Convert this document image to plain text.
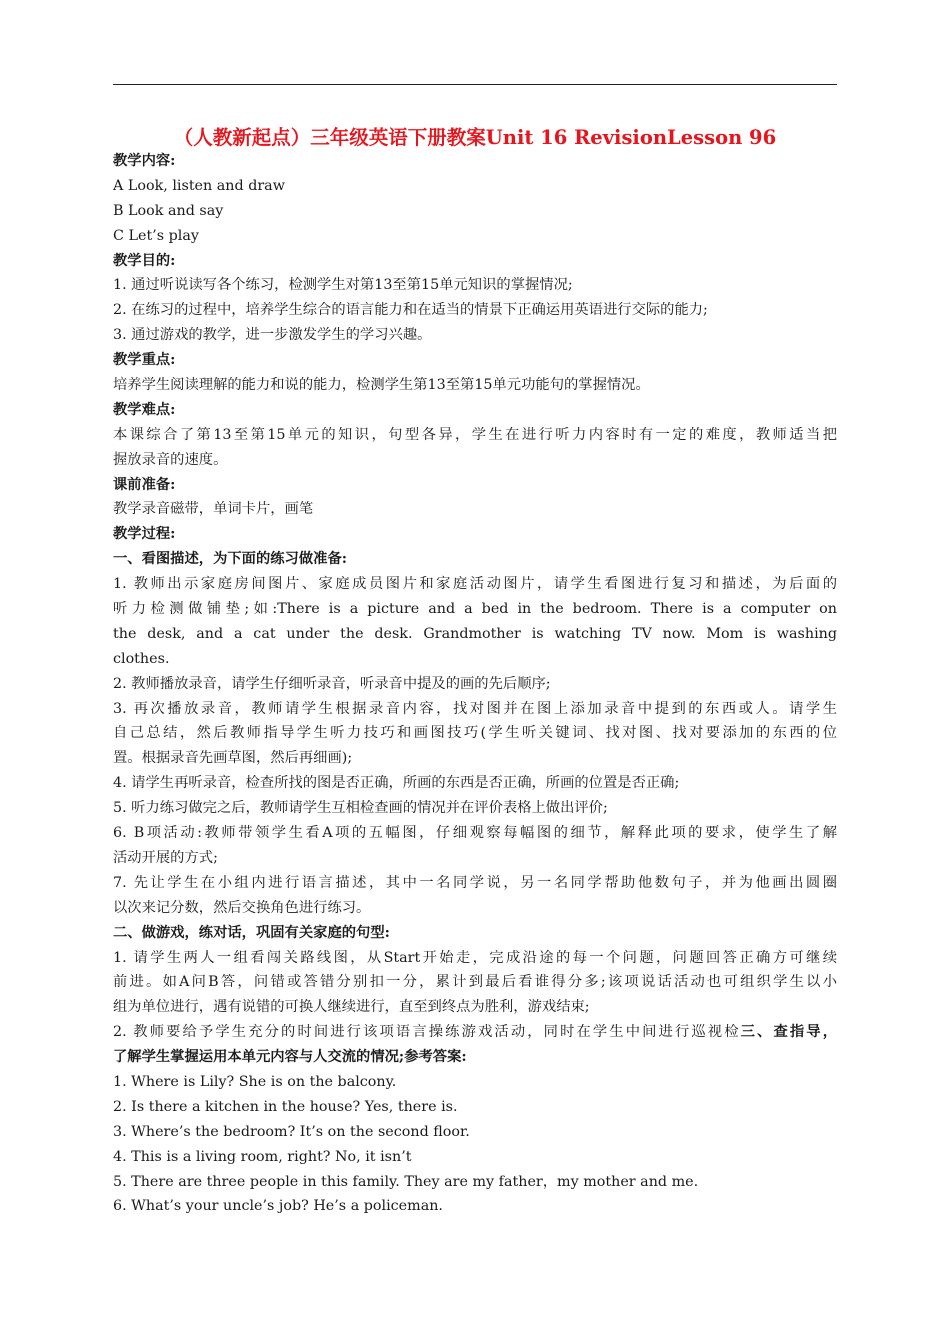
（人教新起点）三年级英语下册教案Unit 16 RevisionLesson 96
教学内容:
A Look, listen and draw
B Look and say
C Let’s play
教学目的:
1. 通过听说读写各个练习，检测学生对第13至第15单元知识的掌握情况;
2. 在练习的过程中，培养学生综合的语言能力和在适当的情景下正确运用英语进行交际的能力;
3. 通过游戏的教学，进一步激发学生的学习兴趣。
教学重点:
培养学生阅读理解的能力和说的能力，检测学生第13至第15单元功能句的掌握情况。
教学难点:
本课综合了第13至第15单元的知识，句型各异，学生在进行听力内容时有一定的难度，教师适当把
握放录音的速度。
课前准备:
教学录音磁带，单词卡片，画笔
教学过程:
一、看图描述，为下面的练习做准备:
1. 教师出示家庭房间图片、家庭成员图片和家庭活动图片，请学生看图进行复习和描述，为后面的
听力检测做铺垫;如:There is a picture and a bed in the bedroom. There is a computer on
the desk, and a cat under the desk. Grandmother is watching TV now. Mom is washing
clothes.
2. 教师播放录音，请学生仔细听录音，听录音中提及的画的先后顺序;
3. 再次播放录音，教师请学生根据录音内容，找对图并在图上添加录音中提到的东西或人。请学生
自己总结，然后教师指导学生听力技巧和画图技巧(学生听关键词、找对图、找对要添加的东西的位
置。根据录音先画草图，然后再细画);
4. 请学生再听录音，检查所找的图是否正确，所画的东西是否正确，所画的位置是否正确;
5. 听力练习做完之后，教师请学生互相检查画的情况并在评价表格上做出评价;
6. B项活动:教师带领学生看A项的五幅图，仔细观察每幅图的细节，解释此项的要求，使学生了解
活动开展的方式;
7. 先让学生在小组内进行语言描述，其中一名同学说，另一名同学帮助他数句子，并为他画出圆圈
以次来记分数，然后交换角色进行练习。
二、做游戏，练对话，巩固有关家庭的句型:
1. 请学生两人一组看闯关路线图，从Start开始走，完成沿途的每一个问题，问题回答正确方可继续
前进。如A问B答，问错或答错分别扣一分，累计到最后看谁得分多;该项说话活动也可组织学生以小
组为单位进行，遇有说错的可换人继续进行，直至到终点为胜利，游戏结束;
2. 教师要给予学生充分的时间进行该项语言操练游戏活动，同时在学生中间进行巡视检三、查指导，
了解学生掌握运用本单元内容与人交流的情况;参考答案:
1. Where is Lily? She is on the balcony.
2. Is there a kitchen in the house? Yes, there is.
3. Where’s the bedroom? It’s on the second floor.
4. This is a living room, right? No, it isn’t
5. There are three people in this family. They are my father，my mother and me.
6. What’s your uncle’s job? He’s a policeman.
